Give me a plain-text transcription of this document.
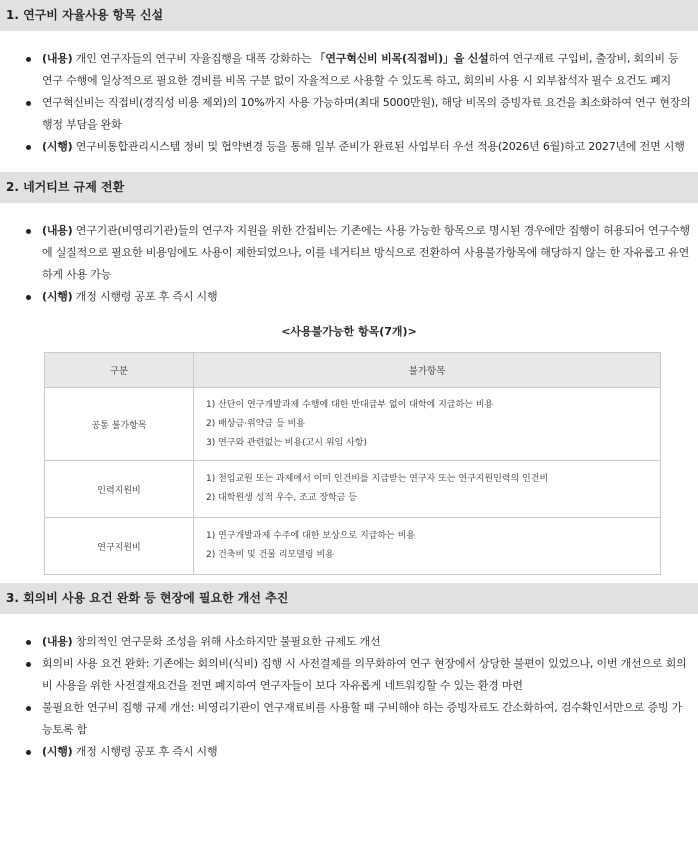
1. 연구비 자율사용 항목 신설
(내용) 개인 연구자들의 연구비 자율집행을 대폭 강화하는 「연구혁신비 비목(직접비)」을 신설하여 연구재료 구입비, 출장비, 회의비 등 연구 수행에 일상적으로 필요한 경비를 비목 구분 없이 자율적으로 사용할 수 있도록 하고, 회의비 사용 시 외부참석자 필수 요건도 폐지
연구혁신비는 직접비(경직성 비용 제외)의 10%까지 사용 가능하며(최대 5000만원), 해당 비목의 증빙자료 요건을 최소화하여 연구 현장의 행정 부담을 완화
(시행) 연구비통합관리시스템 정비 및 협약변경 등을 통해 일부 준비가 완료된 사업부터 우선 적용(2026년 6월)하고 2027년에 전면 시행
2. 네거티브 규제 전환
(내용) 연구기관(비영리기관)들의 연구자 지원을 위한 간접비는 기존에는 사용 가능한 항목으로 명시된 경우에만 집행이 허용되어 연구수행에 실질적으로 필요한 비용임에도 사용이 제한되었으나, 이를 네거티브 방식으로 전환하여 사용불가항목에 해당하지 않는 한 자유롭고 유연하게 사용 가능
(시행) 개정 시행령 공포 후 즉시 시행
<사용불가능한 항목(7개)>
구분	불가항목
공통 불가항목	1) 산단이 연구개발과제 수행에 대한 반대급부 없이 대학에 지급하는 비용
2) 배상금·위약금 등 비용
3) 연구와 관련없는 비용(고시 위임 사항)

인력지원비	1) 전임교원 또는 과제에서 이미 인건비를 지급받는 연구자 또는 연구지원인력의 인건비
2) 대학원생 성적 우수, 조교 장학금 등

연구지원비	1) 연구개발과제 수주에 대한 보상으로 지급하는 비용
2) 건축비 및 건물 리모델링 비용
3. 회의비 사용 요건 완화 등 현장에 필요한 개선 추진
(내용) 창의적인 연구문화 조성을 위해 사소하지만 불필요한 규제도 개선
회의비 사용 요건 완화: 기존에는 회의비(식비) 집행 시 사전결제를 의무화하여 연구 현장에서 상당한 불편이 있었으나, 이번 개선으로 회의비 사용을 위한 사전결재요건을 전면 폐지하여 연구자들이 보다 자유롭게 네트워킹할 수 있는 환경 마련
불필요한 연구비 집행 규제 개선: 비영리기관이 연구재료비를 사용할 때 구비해야 하는 증빙자료도 간소화하여, 검수확인서만으로 증빙 가능토록 함
(시행) 개정 시행령 공포 후 즉시 시행
